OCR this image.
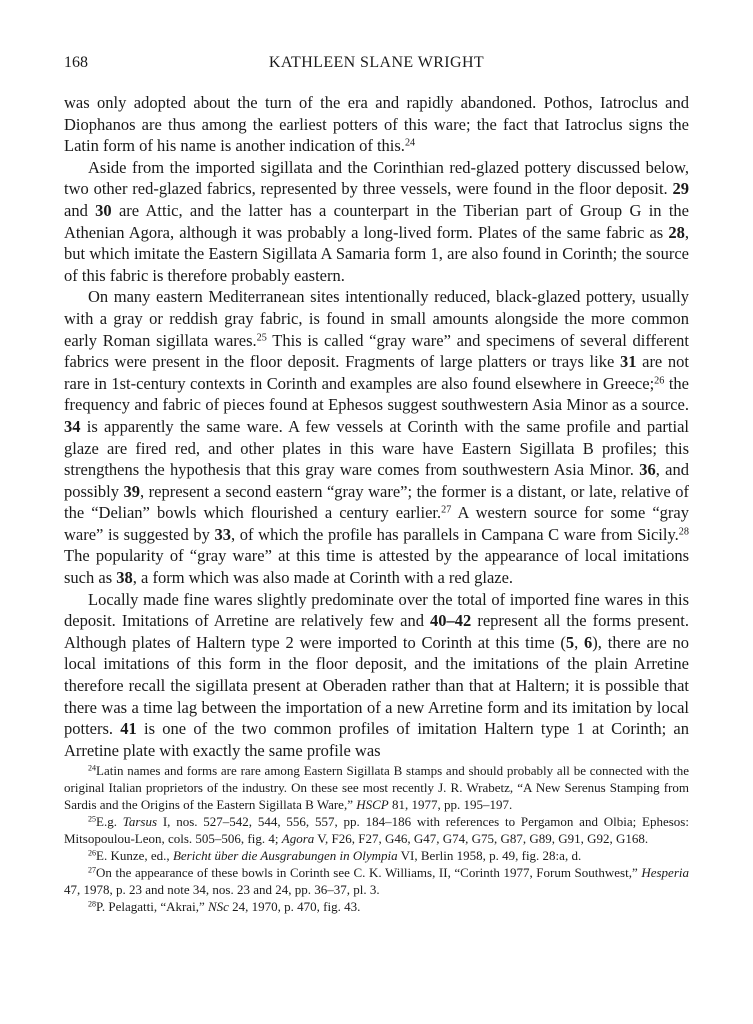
168	KATHLEEN SLANE WRIGHT

was only adopted about the turn of the era and rapidly abandoned. Pothos, Iatroclus and Diophanos are thus among the earliest potters of this ware; the fact that Iatroclus signs the Latin form of his name is another indication of this.$^{24}$

Aside from the imported sigillata and the Corinthian red-glazed pottery discussed below, two other red-glazed fabrics, represented by three vessels, were found in the floor deposit. 29 and 30 are Attic, and the latter has a counterpart in the Tiberian part of Group G in the Athenian Agora, although it was probably a long-lived form. Plates of the same fabric as 28, but which imitate the Eastern Sigillata A Samaria form 1, are also found in Corinth; the source of this fabric is therefore probably eastern.

On many eastern Mediterranean sites intentionally reduced, black-glazed pottery, usually with a gray or reddish gray fabric, is found in small amounts alongside the more common early Roman sigillata wares.$^{25}$ This is called “gray ware” and specimens of several different fabrics were present in the floor deposit. Fragments of large platters or trays like 31 are not rare in 1st-century contexts in Corinth and examples are also found elsewhere in Greece;$^{26}$ the frequency and fabric of pieces found at Ephesos suggest southwestern Asia Minor as a source. 34 is apparently the same ware. A few vessels at Corinth with the same profile and partial glaze are fired red, and other plates in this ware have Eastern Sigillata B profiles; this strengthens the hypothesis that this gray ware comes from southwestern Asia Minor. 36, and possibly 39, represent a second eastern “gray ware”; the former is a distant, or late, relative of the “Delian” bowls which flourished a century earlier.$^{27}$ A western source for some “gray ware” is suggested by 33, of which the profile has parallels in Campana C ware from Sicily.$^{28}$ The popularity of “gray ware” at this time is attested by the appearance of local imitations such as 38, a form which was also made at Corinth with a red glaze.

Locally made fine wares slightly predominate over the total of imported fine wares in this deposit. Imitations of Arretine are relatively few and 40–42 represent all the forms present. Although plates of Haltern type 2 were imported to Corinth at this time (5, 6), there are no local imitations of this form in the floor deposit, and the imitations of the plain Arretine therefore recall the sigillata present at Oberaden rather than that at Haltern; it is possible that there was a time lag between the importation of a new Arretine form and its imitation by local potters. 41 is one of the two common profiles of imitation Haltern type 1 at Corinth; an Arretine plate with exactly the same profile was

$^{24}$Latin names and forms are rare among Eastern Sigillata B stamps and should probably all be connected with the original Italian proprietors of the industry. On these see most recently J. R. Wrabetz, “A New Serenus Stamping from Sardis and the Origins of the Eastern Sigillata B Ware,” HSCP 81, 1977, pp. 195–197.

$^{25}$E.g. Tarsus I, nos. 527–542, 544, 556, 557, pp. 184–186 with references to Pergamon and Olbia; Ephesos: Mitsopoulou-Leon, cols. 505–506, fig. 4; Agora V, F26, F27, G46, G47, G74, G75, G87, G89, G91, G92, G168.

$^{26}$E. Kunze, ed., Bericht über die Ausgrabungen in Olympia VI, Berlin 1958, p. 49, fig. 28:a, d.

$^{27}$On the appearance of these bowls in Corinth see C. K. Williams, II, “Corinth 1977, Forum Southwest,” Hesperia 47, 1978, p. 23 and note 34, nos. 23 and 24, pp. 36–37, pl. 3.

$^{28}$P. Pelagatti, “Akrai,” NSc 24, 1970, p. 470, fig. 43.
